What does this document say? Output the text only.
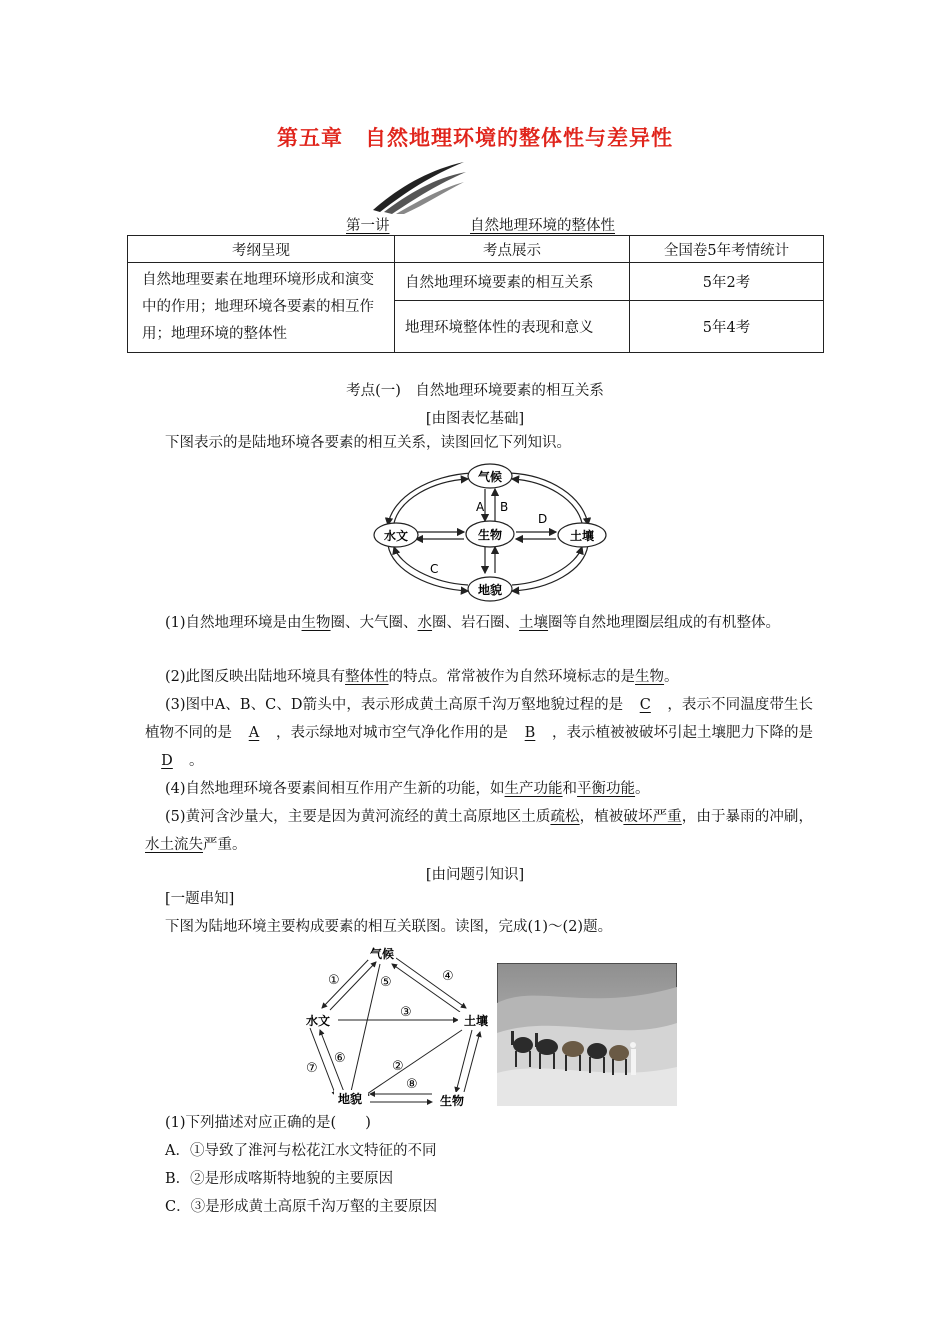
第五章　自然地理环境的整体性与差异性
第一讲	自然地理环境的整体性
考纲呈现	考点展示	全国卷5年考情统计
自然地理要素在地理环境形成和演变中的作用；地理环境各要素的相互作用；地理环境的整体性	自然地理环境要素的相互关系	5年2考
	地理环境整体性的表现和意义	5年4考
考点(一)　自然地理环境要素的相互关系
[由图表忆基础]
下图表示的是陆地环境各要素的相互关系，读图回忆下列知识。
气候
水文	生物	土壤
地貌
A B
C
D
(1)自然地理环境是由生物圈、大气圈、水圈、岩石圈、土壤圈等自然地理圈层组成的有机整体。
(2)此图反映出陆地环境具有整体性的特点。常常被作为自然环境标志的是生物。
(3)图中A、B、C、D箭头中，表示形成黄土高原千沟万壑地貌过程的是 C ，表示不同温度带生长植物不同的是 A ，表示绿地对城市空气净化作用的是 B ，表示植被被破坏引起土壤肥力下降的是D 。
(4)自然地理环境各要素间相互作用产生新的功能，如生产功能和平衡功能。
(5)黄河含沙量大，主要是因为黄河流经的黄土高原地区土质疏松，植被破坏严重，由于暴雨的冲刷，水土流失严重。
[由问题引知识]
[一题串知]
下图为陆地环境主要构成要素的相互关联图。读图，完成(1)～(2)题。
气候
水文	土壤
地貌	生物
①
②
③
④
⑤
⑥
⑦
⑧
(1)下列描述对应正确的是(　　)
A．①导致了淮河与松花江水文特征的不同
B．②是形成喀斯特地貌的主要原因
C．③是形成黄土高原千沟万壑的主要原因
